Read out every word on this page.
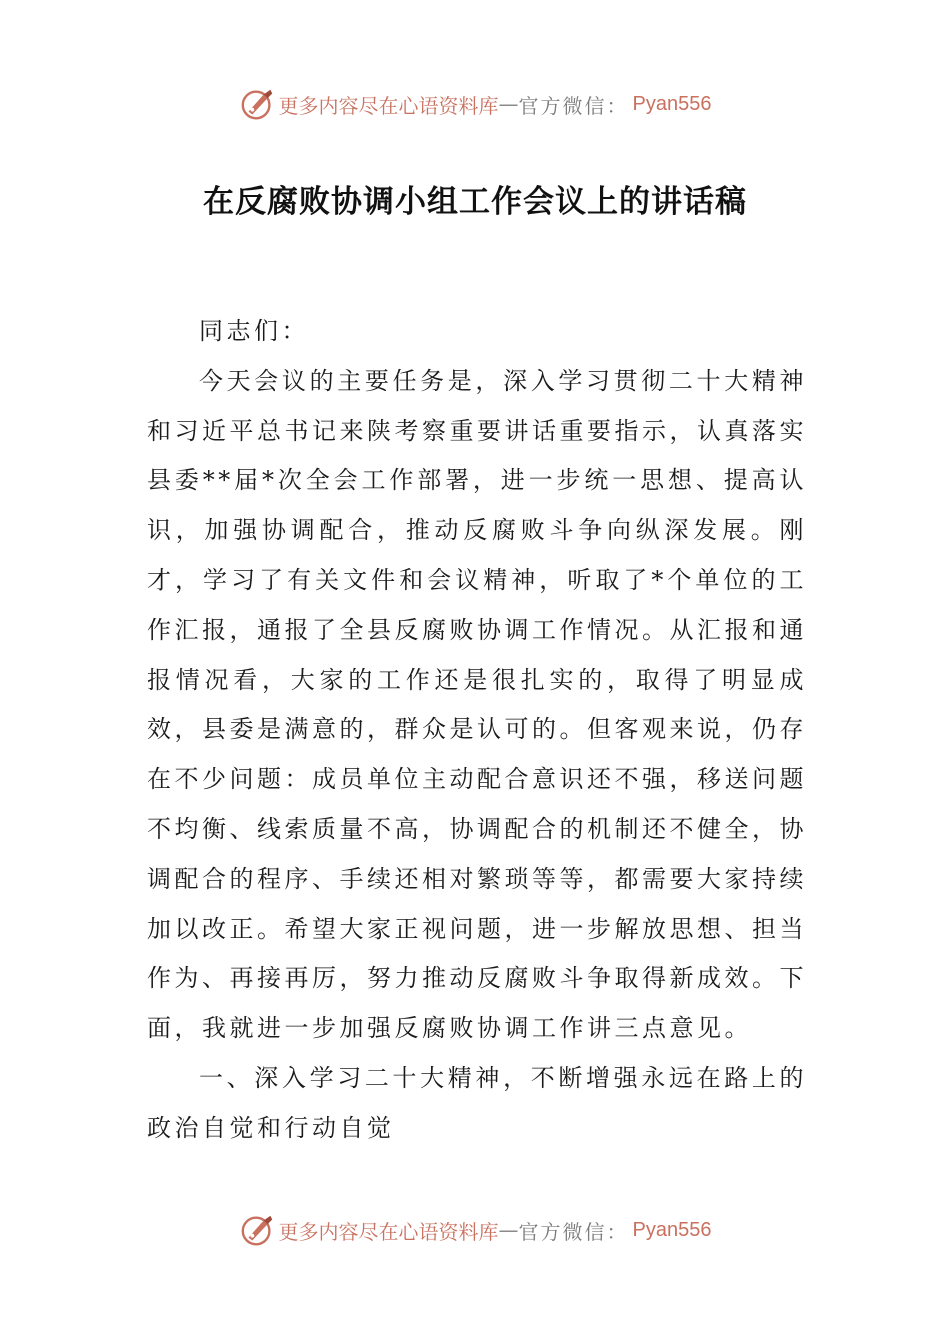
更多内容尽在心语资料库 — 官方微信： Pyan556
在反腐败协调小组工作会议上的讲话稿

同志们：

今天会议的主要任务是，深入学习贯彻二十大精神和习近平总书记来陕考察重要讲话重要指示，认真落实县委**届*次全会工作部署，进一步统一思想、提高认识，加强协调配合，推动反腐败斗争向纵深发展。刚才，学习了有关文件和会议精神，听取了*个单位的工作汇报，通报了全县反腐败协调工作情况。从汇报和通报情况看，大家的工作还是很扎实的，取得了明显成效，县委是满意的，群众是认可的。但客观来说，仍存在不少问题：成员单位主动配合意识还不强，移送问题不均衡、线索质量不高，协调配合的机制还不健全，协调配合的程序、手续还相对繁琐等等，都需要大家持续加以改正。希望大家正视问题，进一步解放思想、担当作为、再接再厉，努力推动反腐败斗争取得新成效。下面，我就进一步加强反腐败协调工作讲三点意见。

一、深入学习二十大精神，不断增强永远在路上的政治自觉和行动自觉

更多内容尽在心语资料库 — 官方微信： Pyan556
